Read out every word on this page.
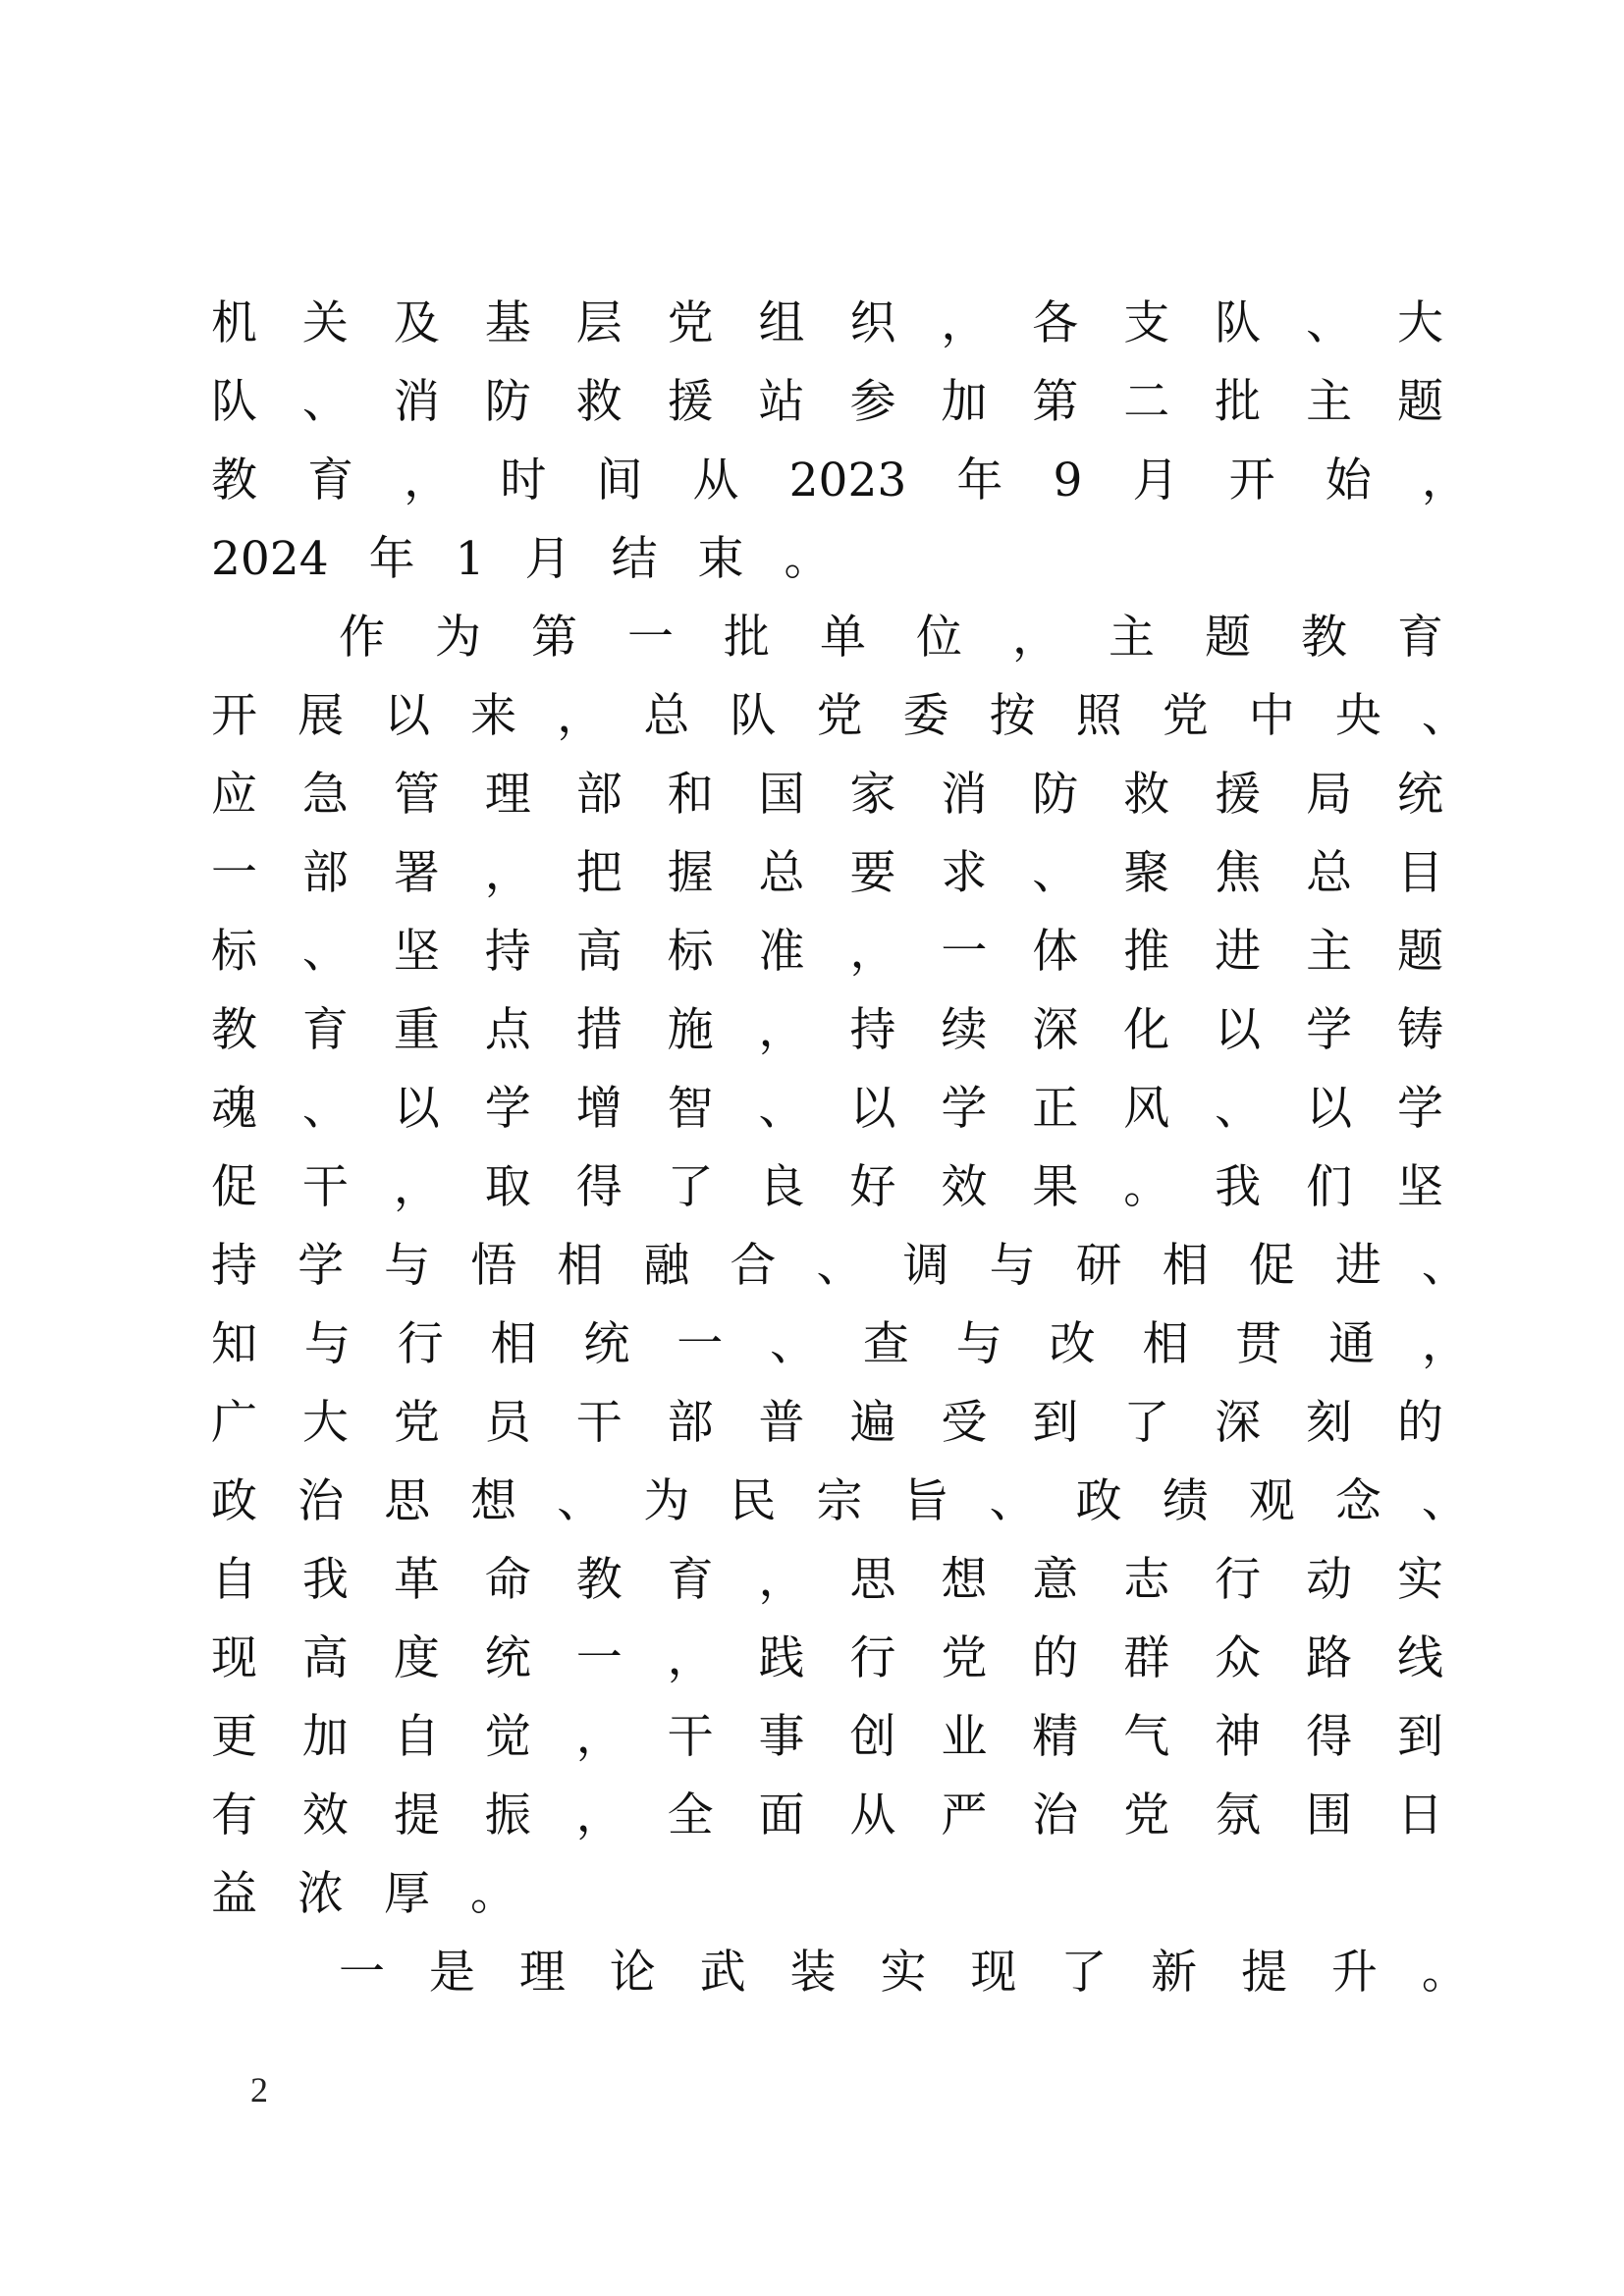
机 关 及 基 层 党 组 织 ， 各 支 队 、 大
队 、 消 防 救 援 站 参 加 第 二 批 主 题
教 育 ， 时 间 从 2023 年 9 月 开 始 ，
2024 年 1 月 结 束 。
作 为 第 一 批 单 位 ， 主 题 教 育
开 展 以 来 ， 总 队 党 委 按 照 党 中 央 、
应 急 管 理 部 和 国 家 消 防 救 援 局 统
一 部 署 ， 把 握 总 要 求 、 聚 焦 总 目
标 、 坚 持 高 标 准 ， 一 体 推 进 主 题
教 育 重 点 措 施 ， 持 续 深 化 以 学 铸
魂 、 以 学 增 智 、 以 学 正 风 、 以 学
促 干 ， 取 得 了 良 好 效 果 。 我 们 坚
持 学 与 悟 相 融 合 、 调 与 研 相 促 进 、
知 与 行 相 统 一 、 查 与 改 相 贯 通 ，
广 大 党 员 干 部 普 遍 受 到 了 深 刻 的
政 治 思 想 、 为 民 宗 旨 、 政 绩 观 念 、
自 我 革 命 教 育 ， 思 想 意 志 行 动 实
现 高 度 统 一 ， 践 行 党 的 群 众 路 线
更 加 自 觉 ， 干 事 创 业 精 气 神 得 到
有 效 提 振 ， 全 面 从 严 治 党 氛 围 日
益 浓 厚 。
一 是 理 论 武 装 实 现 了 新 提 升 。
2
